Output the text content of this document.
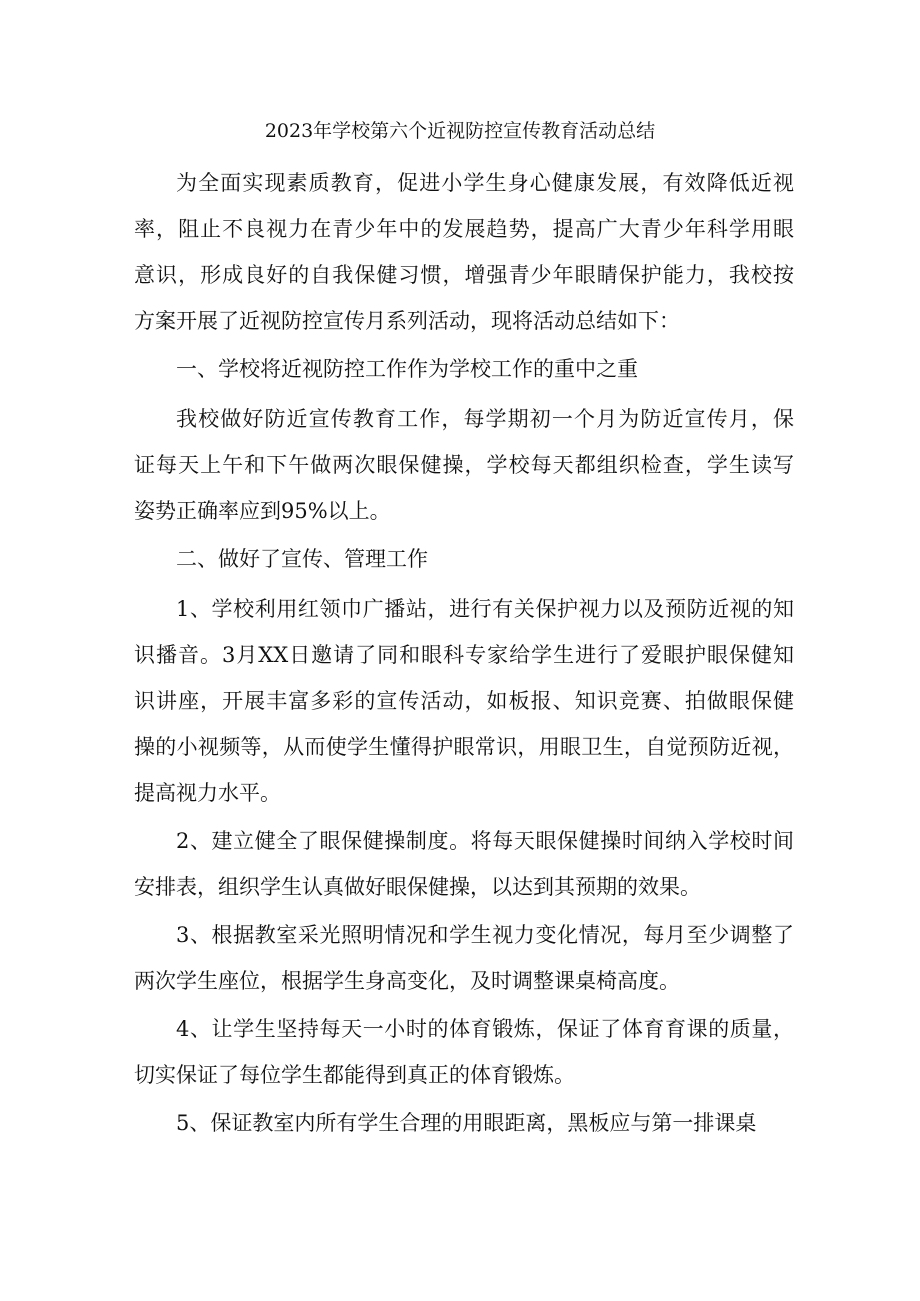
2023年学校第六个近视防控宣传教育活动总结
为全面实现素质教育，促进小学生身心健康发展，有效降低近视
率，阻止不良视力在青少年中的发展趋势，提高广大青少年科学用眼
意识，形成良好的自我保健习惯，增强青少年眼睛保护能力，我校按
方案开展了近视防控宣传月系列活动，现将活动总结如下：
一、学校将近视防控工作作为学校工作的重中之重
我校做好防近宣传教育工作，每学期初一个月为防近宣传月，保
证每天上午和下午做两次眼保健操，学校每天都组织检查，学生读写
姿势正确率应到95%以上。
二、做好了宣传、管理工作
1、学校利用红领巾广播站，进行有关保护视力以及预防近视的知
识播音。3月XX日邀请了同和眼科专家给学生进行了爱眼护眼保健知
识讲座，开展丰富多彩的宣传活动，如板报、知识竞赛、拍做眼保健
操的小视频等，从而使学生懂得护眼常识，用眼卫生，自觉预防近视，
提高视力水平。
2、建立健全了眼保健操制度。将每天眼保健操时间纳入学校时间
安排表，组织学生认真做好眼保健操，以达到其预期的效果。
3、根据教室采光照明情况和学生视力变化情况，每月至少调整了
两次学生座位，根据学生身高变化，及时调整课桌椅高度。
4、让学生坚持每天一小时的体育锻炼，保证了体育育课的质量，
切实保证了每位学生都能得到真正的体育锻炼。
5、保证教室内所有学生合理的用眼距离，黑板应与第一排课桌
